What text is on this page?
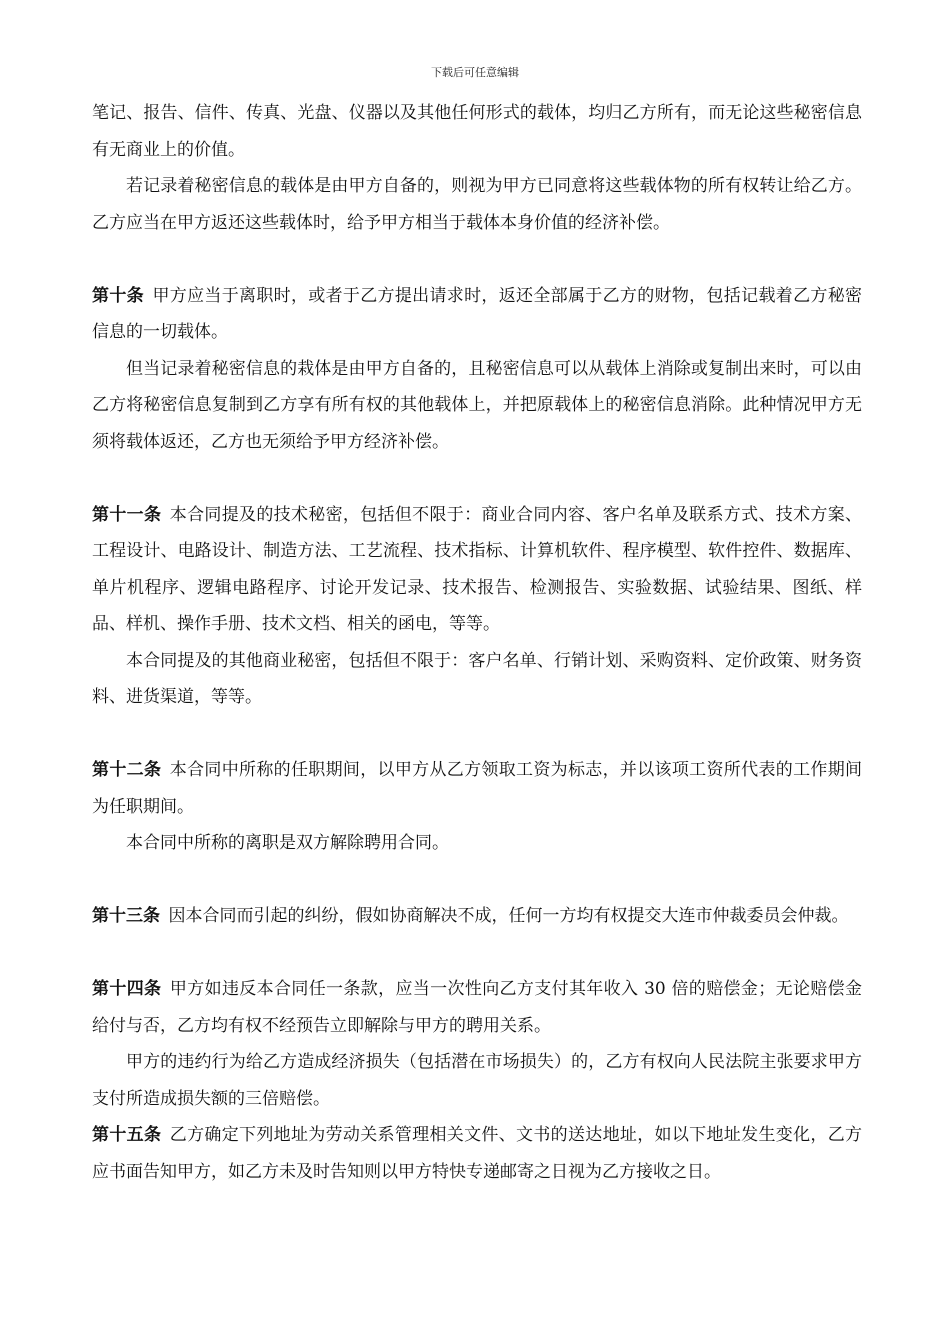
下载后可任意编辑

笔记、报告、信件、传真、光盘、仪器以及其他任何形式的载体，均归乙方所有，而无论这些秘密信息有无商业上的价值。

若记录着秘密信息的载体是由甲方自备的，则视为甲方已同意将这些载体物的所有权转让给乙方。乙方应当在甲方返还这些载体时，给予甲方相当于载体本身价值的经济补偿。

第十条 甲方应当于离职时，或者于乙方提出请求时，返还全部属于乙方的财物，包括记载着乙方秘密信息的一切载体。

但当记录着秘密信息的栽体是由甲方自备的，且秘密信息可以从载体上消除或复制出来时，可以由乙方将秘密信息复制到乙方享有所有权的其他载体上，并把原载体上的秘密信息消除。此种情况甲方无须将载体返还，乙方也无须给予甲方经济补偿。

第十一条 本合同提及的技术秘密，包括但不限于：商业合同内容、客户名单及联系方式、技术方案、工程设计、电路设计、制造方法、工艺流程、技术指标、计算机软件、程序模型、软件控件、数据库、单片机程序、逻辑电路程序、讨论开发记录、技术报告、检测报告、实验数据、试验结果、图纸、样品、样机、操作手册、技术文档、相关的函电，等等。

本合同提及的其他商业秘密，包括但不限于：客户名单、行销计划、采购资料、定价政策、财务资料、进货渠道，等等。

第十二条 本合同中所称的任职期间，以甲方从乙方领取工资为标志，并以该项工资所代表的工作期间为任职期间。

本合同中所称的离职是双方解除聘用合同。

第十三条 因本合同而引起的纠纷，假如协商解决不成，任何一方均有权提交大连市仲裁委员会仲裁。

第十四条 甲方如违反本合同任一条款，应当一次性向乙方支付其年收入 30 倍的赔偿金；无论赔偿金给付与否，乙方均有权不经预告立即解除与甲方的聘用关系。

甲方的违约行为给乙方造成经济损失（包括潜在市场损失）的，乙方有权向人民法院主张要求甲方支付所造成损失额的三倍赔偿。

第十五条 乙方确定下列地址为劳动关系管理相关文件、文书的送达地址，如以下地址发生变化，乙方应书面告知甲方，如乙方未及时告知则以甲方特快专递邮寄之日视为乙方接收之日。
